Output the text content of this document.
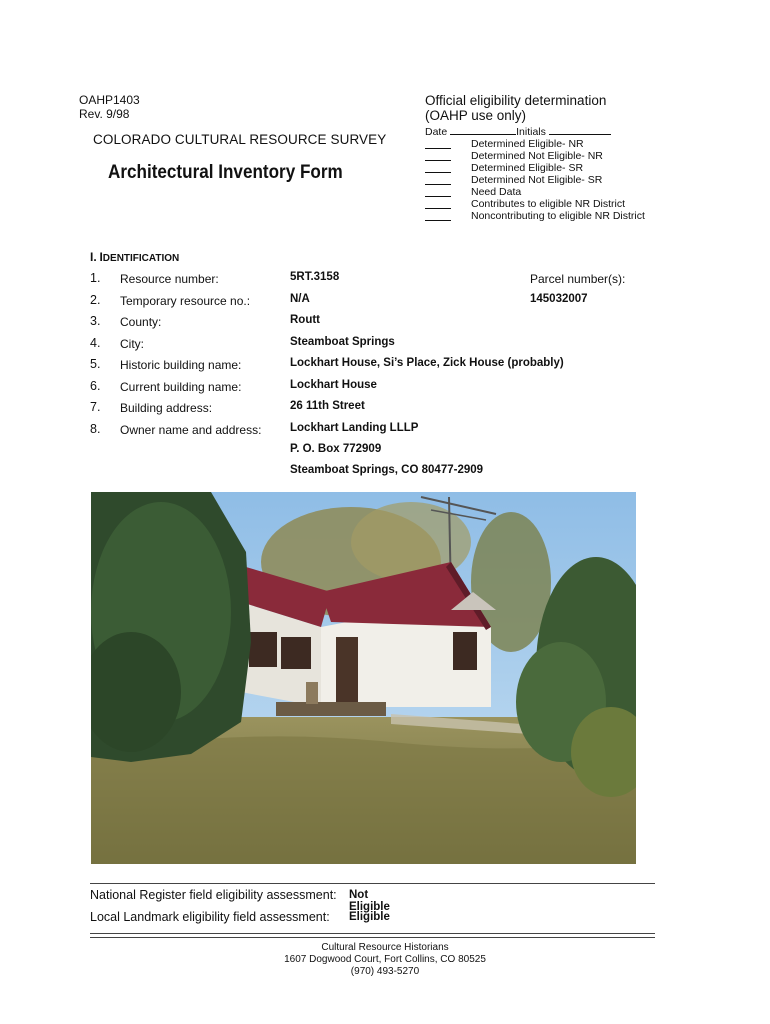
OAHP1403
Rev. 9/98
COLORADO CULTURAL RESOURCE SURVEY
Architectural Inventory Form
Official eligibility determination
(OAHP use only)
Date	Initials
Determined Eligible- NR
Determined Not Eligible- NR
Determined Eligible- SR
Determined Not Eligible- SR
Need Data
Contributes to eligible NR District
Noncontributing to eligible NR District
I. IDENTIFICATION
1. Resource number:	5RT.3158	Parcel number(s):
2. Temporary resource no.:	N/A	145032007
3. County:	Routt
4. City:	Steamboat Springs
5. Historic building name:	Lockhart House, Si’s Place, Zick House (probably)
6. Current building name:	Lockhart House
7. Building address:	26 11th Street
8. Owner name and address: Lockhart Landing LLLP
P. O. Box 772909
Steamboat Springs, CO 80477-2909
National Register field eligibility assessment: Not Eligible
Local Landmark eligibility field assessment: Eligible
Cultural Resource Historians
1607 Dogwood Court, Fort Collins, CO 80525
(970) 493-5270
